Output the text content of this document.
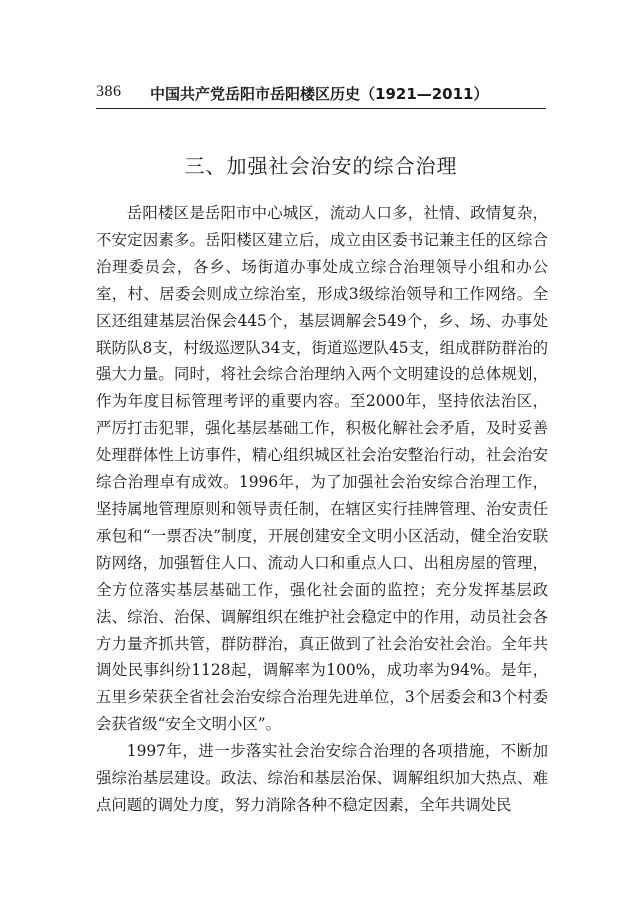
386 中国共产党岳阳市岳阳楼区历史（1921—2011）
三、加强社会治安的综合治理

岳阳楼区是岳阳市中心城区，流动人口多，社情、政情复杂，不安定因素多。岳阳楼区建立后，成立由区委书记兼主任的区综合治理委员会，各乡、场街道办事处成立综合治理领导小组和办公室，村、居委会则成立综治室，形成3级综治领导和工作网络。全区还组建基层治保会445个，基层调解会549个，乡、场、办事处联防队8支，村级巡逻队34支，街道巡逻队45支，组成群防群治的强大力量。同时，将社会综合治理纳入两个文明建设的总体规划，作为年度目标管理考评的重要内容。至2000年，坚持依法治区，严厉打击犯罪，强化基层基础工作，积极化解社会矛盾，及时妥善处理群体性上访事件，精心组织城区社会治安整治行动，社会治安综合治理卓有成效。1996年，为了加强社会治安综合治理工作，坚持属地管理原则和领导责任制，在辖区实行挂牌管理、治安责任承包和“一票否决”制度，开展创建安全文明小区活动，健全治安联防网络，加强暂住人口、流动人口和重点人口、出租房屋的管理，全方位落实基层基础工作，强化社会面的监控；充分发挥基层政法、综治、治保、调解组织在维护社会稳定中的作用，动员社会各方力量齐抓共管，群防群治，真正做到了社会治安社会治。全年共调处民事纠纷1128起，调解率为100%，成功率为94%。是年，五里乡荣获全省社会治安综合治理先进单位，3个居委会和3个村委会获省级“安全文明小区”。

1997年，进一步落实社会治安综合治理的各项措施，不断加强综治基层建设。政法、综治和基层治保、调解组织加大热点、难点问题的调处力度，努力消除各种不稳定因素，全年共调处民
